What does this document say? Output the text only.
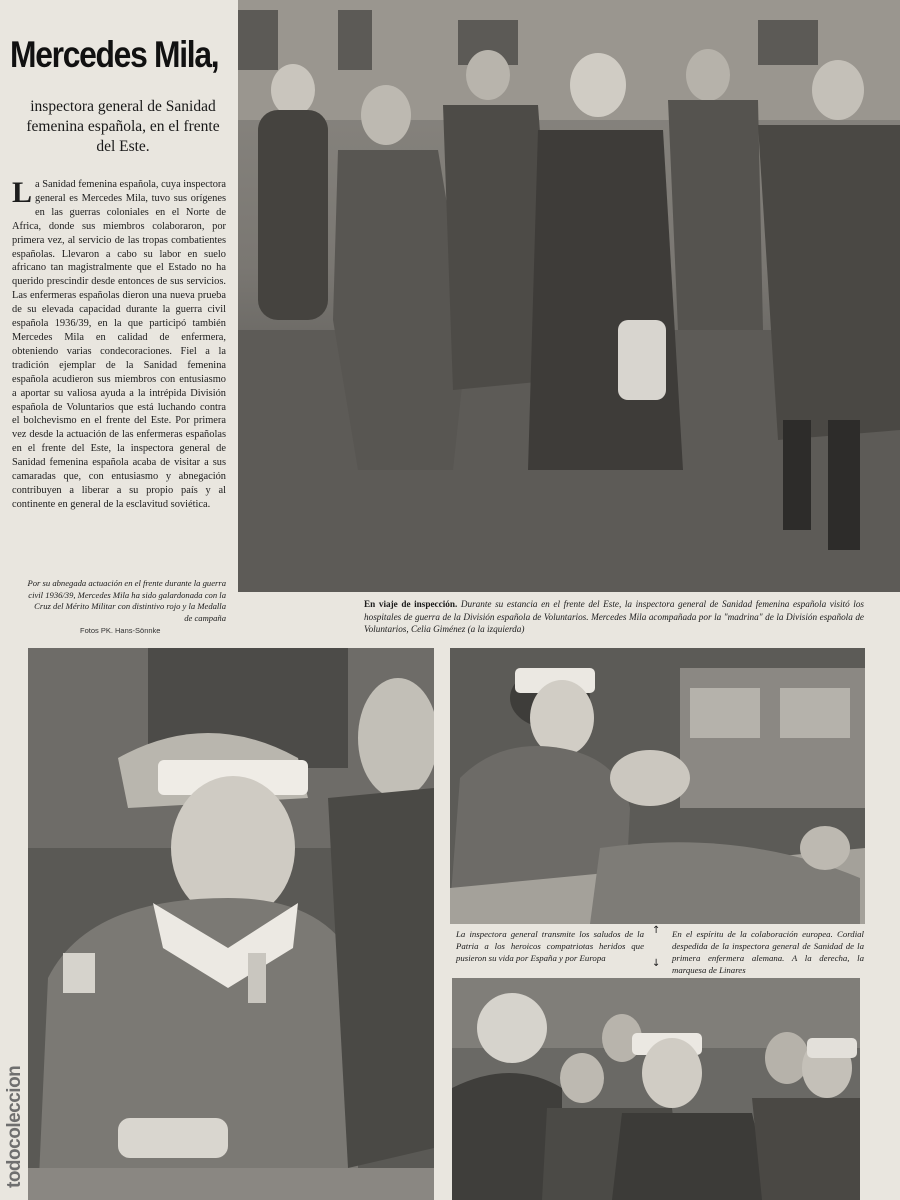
Mercedes Mila,
inspectora general de Sanidad femenina española, en el frente del Este.
La Sanidad femenina española, cuya inspectora general es Mercedes Mila, tuvo sus orígenes en las guerras coloniales en el Norte de Africa, donde sus miembros colaboraron, por primera vez, al servicio de las tropas combatientes españolas. Llevaron a cabo su labor en suelo africano tan magistralmente que el Estado no ha querido prescindir desde entonces de sus servicios. Las enfermeras españolas dieron una nueva prueba de su elevada capacidad durante la guerra civil española 1936/39, en la que participó también Mercedes Mila en calidad de enfermera, obteniendo varias condecoraciones. Fiel a la tradición ejemplar de la Sanidad femenina española acudieron sus miembros con entusiasmo a aportar su valiosa ayuda a la intrépida División española de Voluntarios que está luchando contra el bolchevismo en el frente del Este. Por primera vez desde la actuación de las enfermeras españolas en el frente del Este, la inspectora general de Sanidad femenina española acaba de visitar a sus camaradas que, con entusiasmo y abnegación contribuyen a liberar a su propio país y al continente en general de la esclavitud soviética.
Por su abnegada actuación en el frente durante la guerra civil 1936/39, Mercedes Mila ha sido galardonada con la Cruz del Mérito Militar con distintivo rojo y la Medalla de campaña
Fotos PK. Hans-Sönnke
En viaje de inspección. Durante su estancia en el frente del Este, la inspectora general de Sanidad femenina española visitó los hospitales de guerra de la División española de Voluntarios. Mercedes Mila acompañada por la "madrina" de la División española de Voluntarios, Celia Giménez (a la izquierda)
La inspectora general transmite los saludos de la Patria a los heroicos compatriotas heridos que pusieron su vida por España y por Europa
↑
↓
En el espíritu de la colaboración europea. Cordial despedida de la inspectora general de Sanidad de la primera enfermera alemana. A la derecha, la marquesa de Linares
todocoleccion
